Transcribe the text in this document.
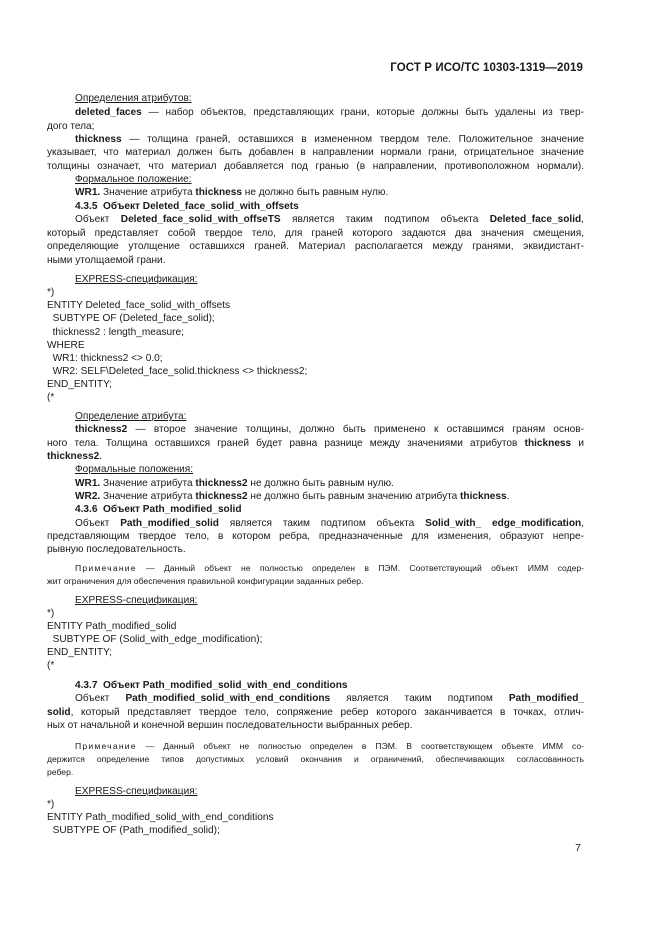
ГОСТ Р ИСО/ТС 10303-1319—2019
Определения атрибутов:
deleted_faces — набор объектов, представляющих грани, которые должны быть удалены из твер-
дого тела;
thickness — толщина граней, оставшихся в измененном твердом теле. Положительное значение
указывает, что материал должен быть добавлен в направлении нормали грани, отрицательное значение
толщины означает, что материал добавляется под гранью (в направлении, противоположном нормали).
Формальное положение:
WR1. Значение атрибута thickness не должно быть равным нулю.
4.3.5  Объект Deleted_face_solid_with_offsets
Объект Deleted_face_solid_with_offseTS является таким подтипом объекта Deleted_face_solid,
который представляет собой твердое тело, для граней которого задаются два значения смещения,
определяющие утолщение оставшихся граней. Материал располагается между гранями, эквидистант-
ными утолщаемой грани.
EXPRESS-спецификация:
*)
ENTITY Deleted_face_solid_with_offsets
SUBTYPE OF (Deleted_face_solid);
thickness2 : length_measure;
WHERE
WR1: thickness2 <> 0.0;
WR2: SELF\Deleted_face_solid.thickness <> thickness2;
END_ENTITY;
(*
Определение атрибута:
thickness2 — второе значение толщины, должно быть применено к оставшимся граням основ-
ного тела. Толщина оставшихся граней будет равна разнице между значениями атрибутов thickness и
thickness2.
Формальные положения:
WR1. Значение атрибута thickness2 не должно быть равным нулю.
WR2. Значение атрибута thickness2 не должно быть равным значению атрибута thickness.
4.3.6  Объект Path_modified_solid
Объект Path_modified_solid является таким подтипом объекта Solid_with_ edge_modification,
представляющим твердое тело, в котором ребра, предназначенные для изменения, образуют непре-
рывную последовательность.
Примечание — Данный объект не полностью определен в ПЭМ. Соответствующий объект ИММ содер-
жит ограничения для обеспечения правильной конфигурации заданных ребер.
EXPRESS-спецификация:
*)
ENTITY Path_modified_solid
SUBTYPE OF (Solid_with_edge_modification);
END_ENTITY;
(*
4.3.7  Объект Path_modified_solid_with_end_conditions
Объект  Path_modified_solid_with_end_conditions  является  таким  подтипом  Path_modified_
solid, который представляет твердое тело, сопряжение ребер которого заканчивается в точках, отлич-
ных от начальной и конечной вершин последовательности выбранных ребер.
Примечание — Данный объект не полностью определен в ПЭМ. В соответствующем объекте ИММ со-
держится определение типов допустимых условий окончания и ограничений, обеспечивающих согласованность
ребер.
EXPRESS-спецификация:
*)
ENTITY Path_modified_solid_with_end_conditions
SUBTYPE OF (Path_modified_solid);
7
